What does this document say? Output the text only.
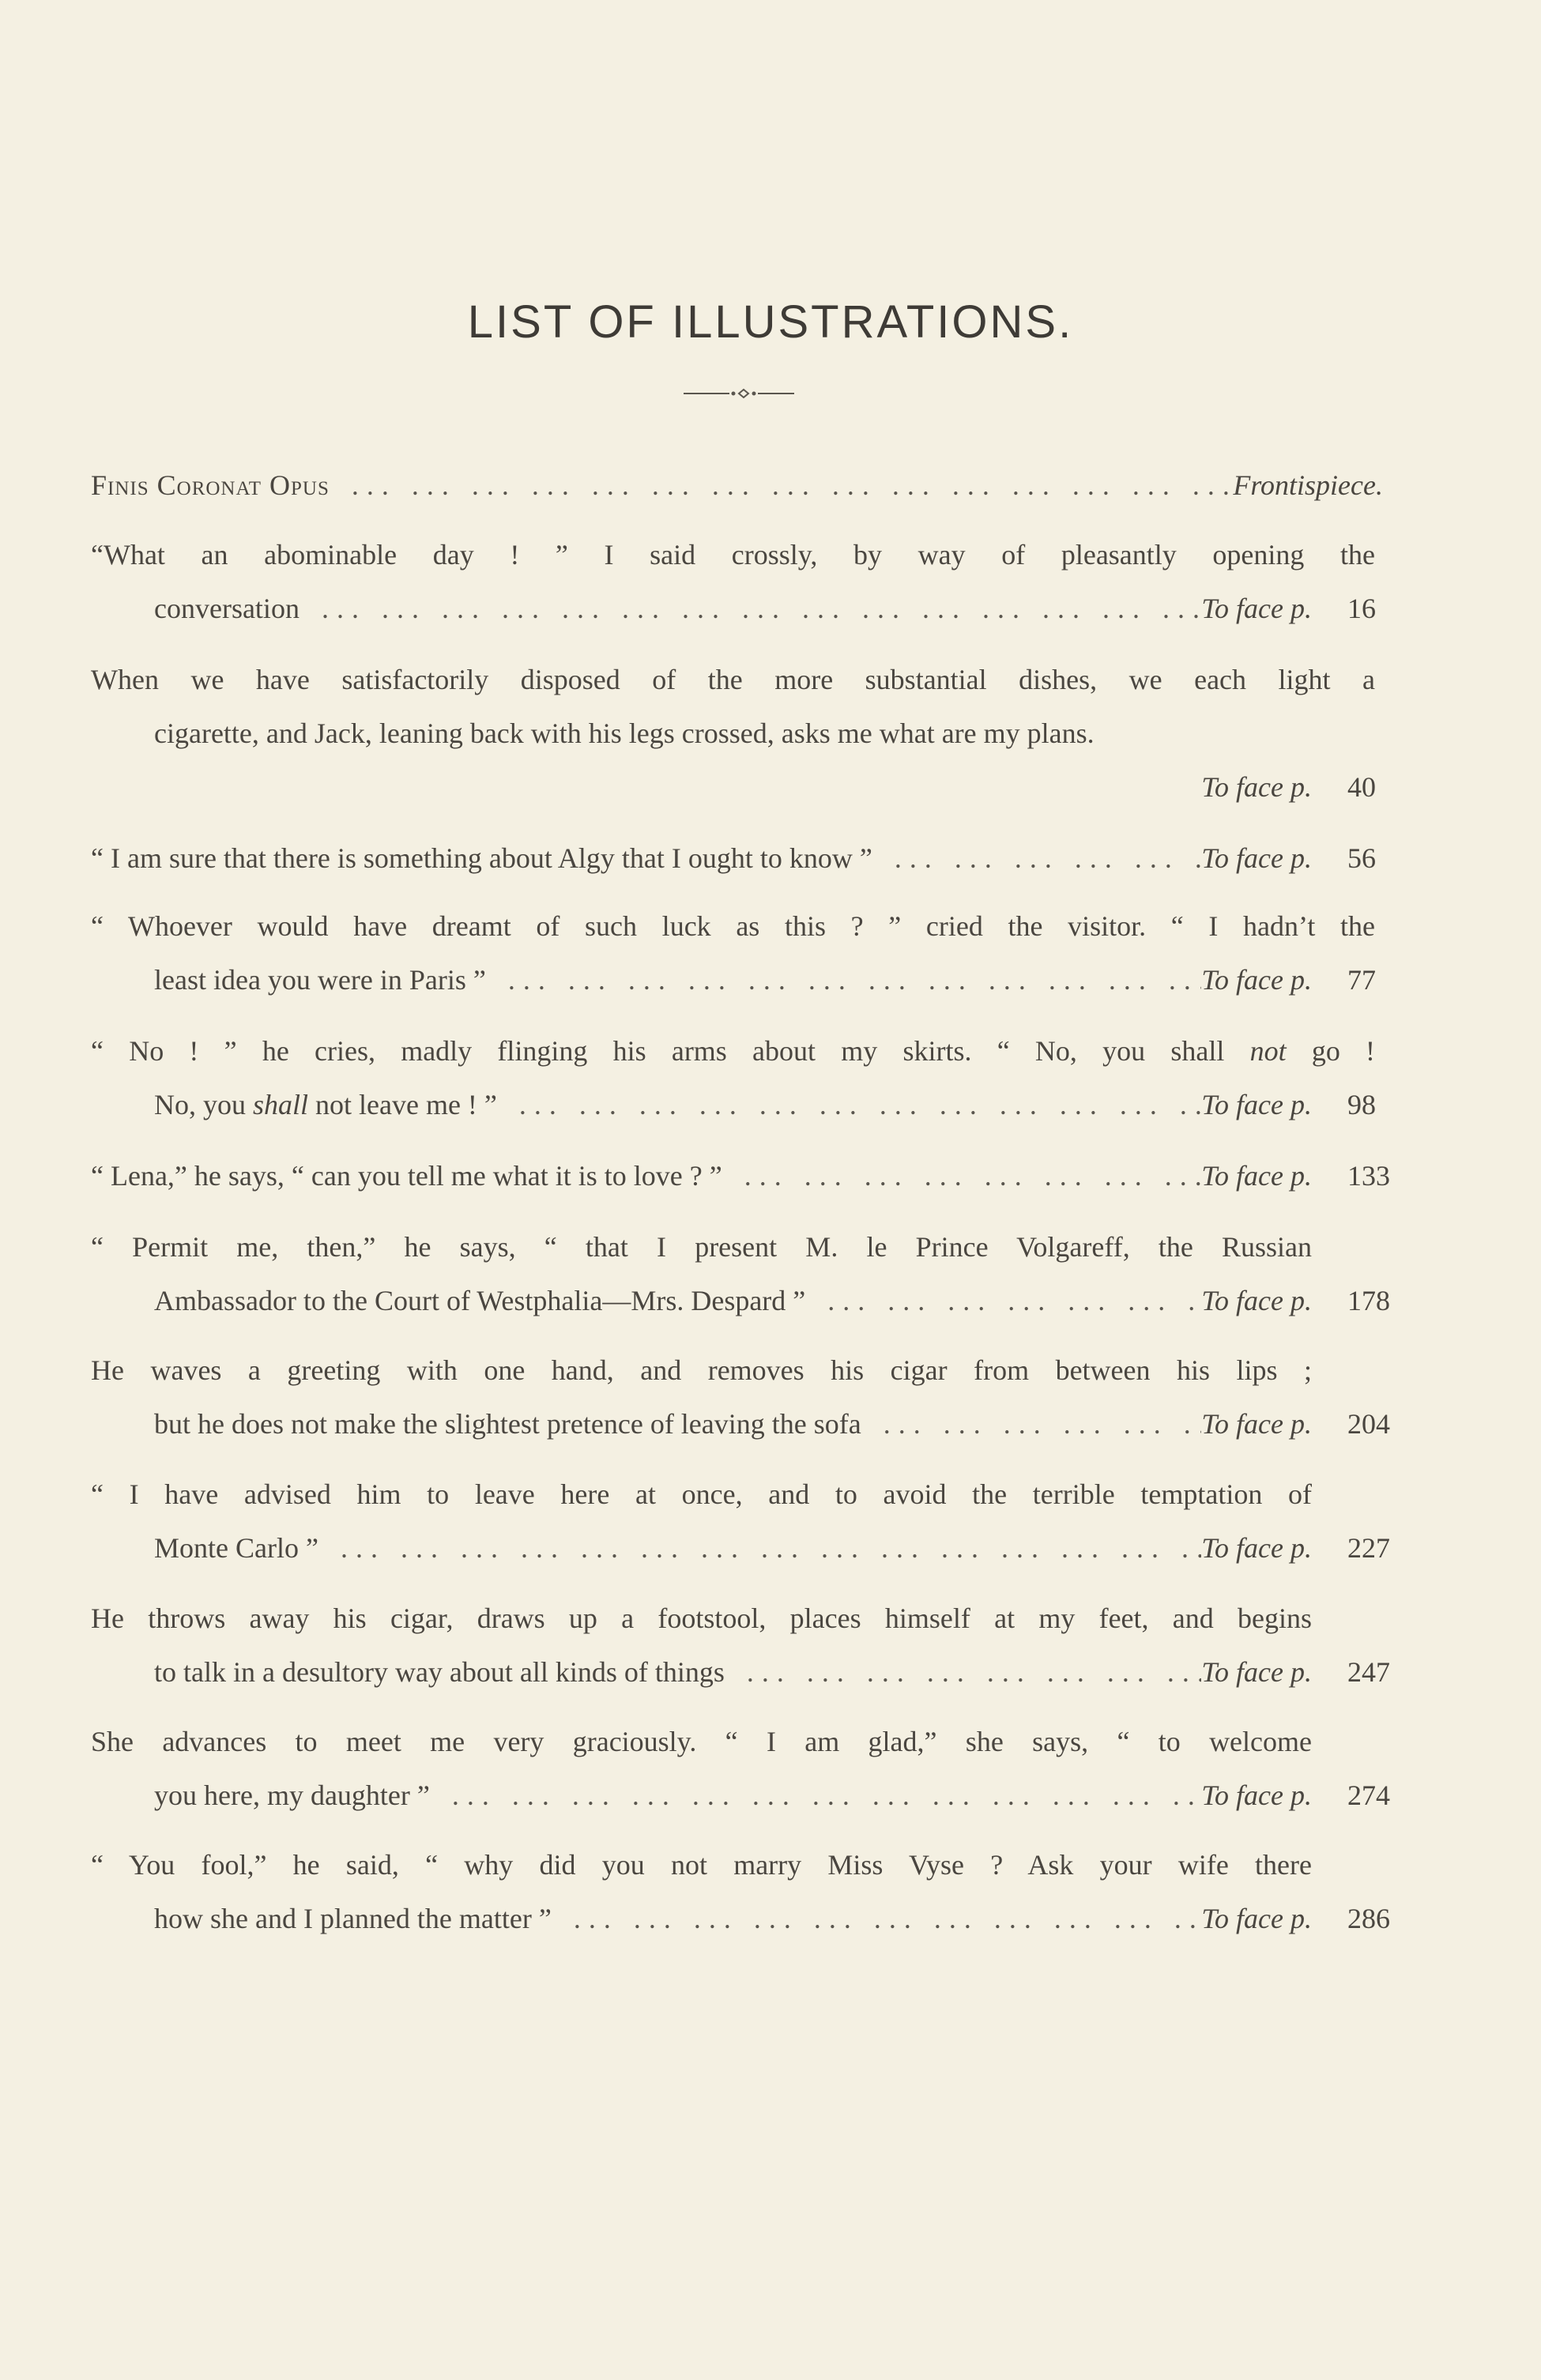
LIST OF ILLUSTRATIONS.
Finis Coronat Opus ... .	Frontispiece.
“What an abominable day ! ” I said crossly, by way of pleasantly opening the
conversation ... .	To face p. 16
When we have satisfactorily disposed of the more substantial dishes, we each light a
cigarette, and Jack, leaning back with his legs crossed, asks me what are my plans.
To face p. 40
“ I am sure that there is something about Algy that I ought to know ” ... .	To face p. 56
“ Whoever would have dreamt of such luck as this ? ” cried the visitor. “ I hadn’t the
least idea you were in Paris ” ... .	To face p. 77
“ No ! ” he cries, madly flinging his arms about my skirts. “ No, you shall not go !
No, you shall not leave me ! ” ... .	To face p. 98
“ Lena,” he says, “ can you tell me what it is to love ? ” ... .	To face p. 133
“ Permit me, then,” he says, “ that I present M. le Prince Volgareff, the Russian
Ambassador to the Court of Westphalia—Mrs. Despard ” ... .	To face p. 178
He waves a greeting with one hand, and removes his cigar from between his lips ;
but he does not make the slightest pretence of leaving the sofa ... .	To face p. 204
“ I have advised him to leave here at once, and to avoid the terrible temptation of
Monte Carlo ” ... .	To face p. 227
He throws away his cigar, draws up a footstool, places himself at my feet, and begins
to talk in a desultory way about all kinds of things ... .	To face p. 247
She advances to meet me very graciously. “ I am glad,” she says, “ to welcome
you here, my daughter ” ... .	To face p. 274
“ You fool,” he said, “ why did you not marry Miss Vyse ? Ask your wife there
how she and I planned the matter ” ... .	To face p. 286
